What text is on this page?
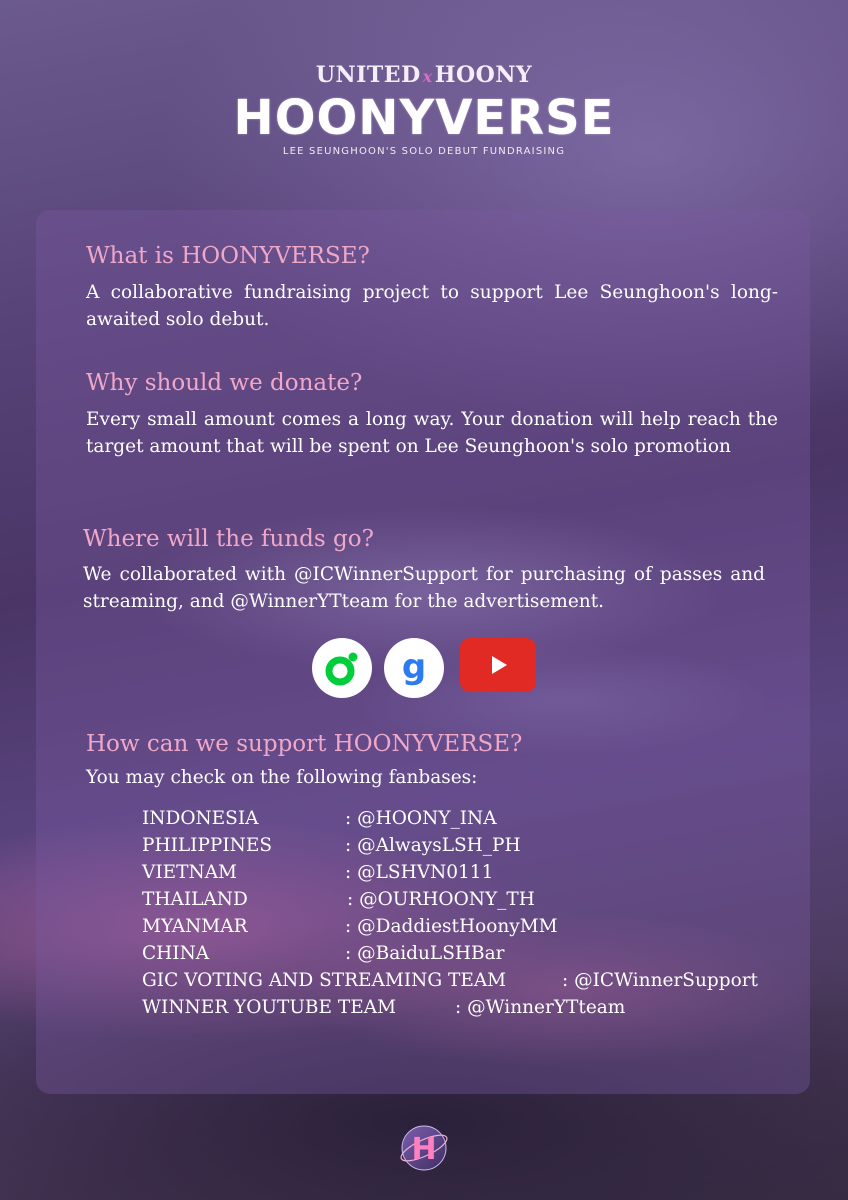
UNITED xHOONY
HOONYVERSE
LEE SEUNGHOON'S SOLO DEBUT FUNDRAISING
What is HOONYVERSE?

A collaborative fundraising project to support Lee Seunghoon's long-awaited solo debut.

Why should we donate?

Every small amount comes a long way. Your donation will help reach the target amount that will be spent on Lee Seunghoon's solo promotion

Where will the funds go?

We collaborated with @ICWinnerSupport for purchasing of passes and streaming, and @WinnerYTteam for the advertisement.

g
How can we support HOONYVERSE?

You may check on the following fanbases:

INDONESIA	: @HOONY_INA
PHILIPPINES	: @AlwaysLSH_PH
VIETNAM	: @LSHVN0111
THAILAND	: @OURHOONY_TH
MYANMAR	: @DaddiestHoonyMM
CHINA	: @BaiduLSHBar
GIC VOTING AND STREAMING TEAM	: @ICWinnerSupport
WINNER YOUTUBE TEAM	: @WinnerYTteam
H
